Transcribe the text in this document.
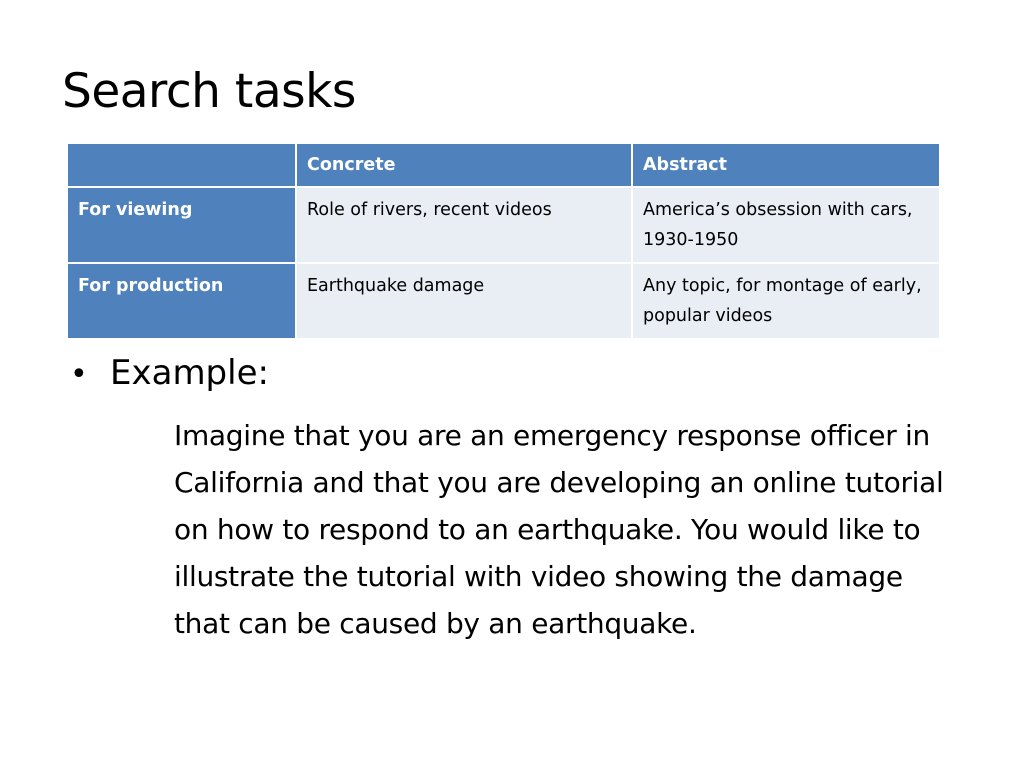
Search tasks
	Concrete	Abstract
For viewing	Role of rivers, recent videos	America’s obsession with cars, 1930-1950
For production	Earthquake damage	Any topic, for montage of early, popular videos
• Example:

Imagine that you are an emergency response officer in California and that you are developing an online tutorial on how to respond to an earthquake. You would like to illustrate the tutorial with video showing the damage that can be caused by an earthquake.
